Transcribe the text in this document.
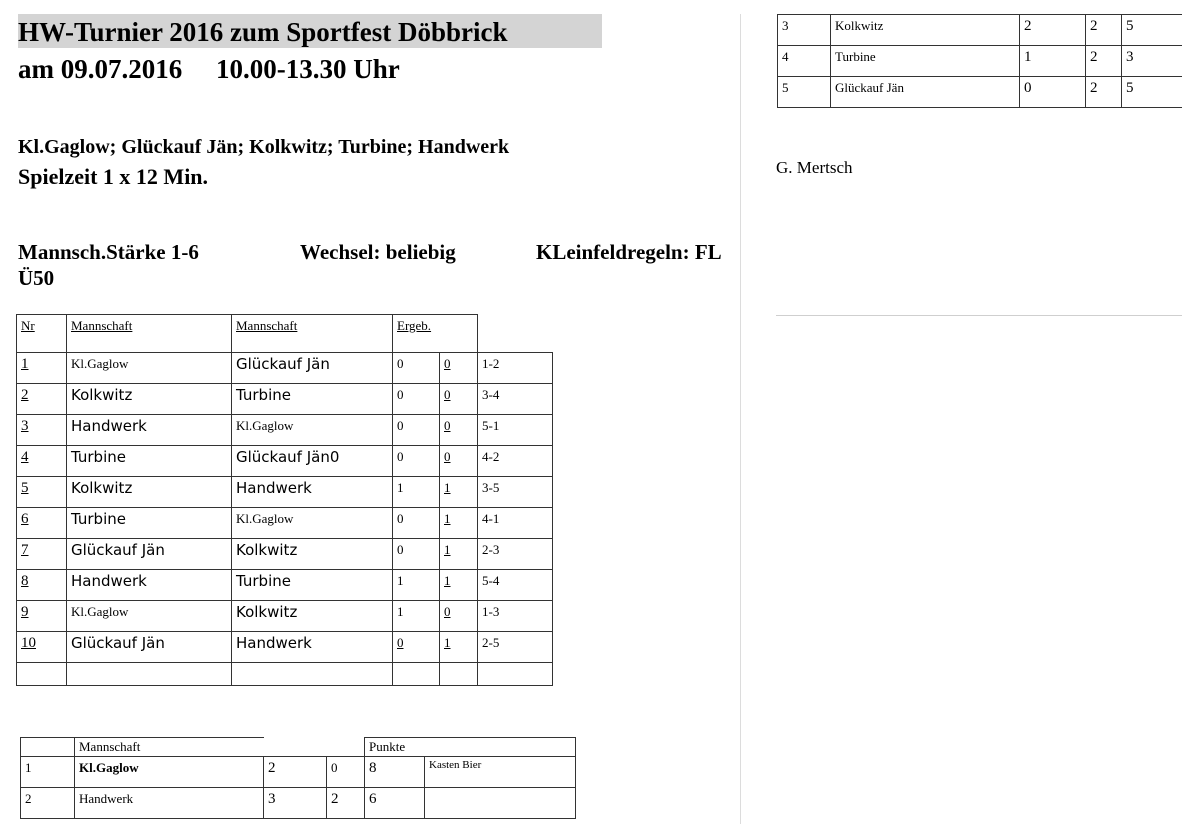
HW-Turnier 2016 zum Sportfest Döbbrick
am 09.07.2016     10.00-13.30 Uhr
Kl.Gaglow; Glückauf Jän; Kolkwitz; Turbine; Handwerk
Spielzeit 1 x 12 Min.
Mannsch.Stärke 1-6	Wechsel: beliebig	KLeinfeldregeln: FL
Ü50
G. Mertsch
Nr	Mannschaft	Mannschaft	Ergeb.
1	Kl.Gaglow	Glückauf Jän	0	0	1-2
2	Kolkwitz	Turbine	0	0	3-4
3	Handwerk	Kl.Gaglow	0	0	5-1
4	Turbine	Glückauf Jän0	0	0	4-2
5	Kolkwitz	Handwerk	1	1	3-5
6	Turbine	Kl.Gaglow	0	1	4-1
7	Glückauf Jän	Kolkwitz	0	1	2-3
8	Handwerk	Turbine	1	1	5-4
9	Kl.Gaglow	Kolkwitz	1	0	1-3
10	Glückauf Jän	Handwerk	0	1	2-5
Mannschaft	Punkte
1	Kl.Gaglow	2	0	8	Kasten Bier
2	Handwerk	3	2	6
3	Kolkwitz	2	2	5
4	Turbine	1	2	3
5	Glückauf Jän	0	2	5
